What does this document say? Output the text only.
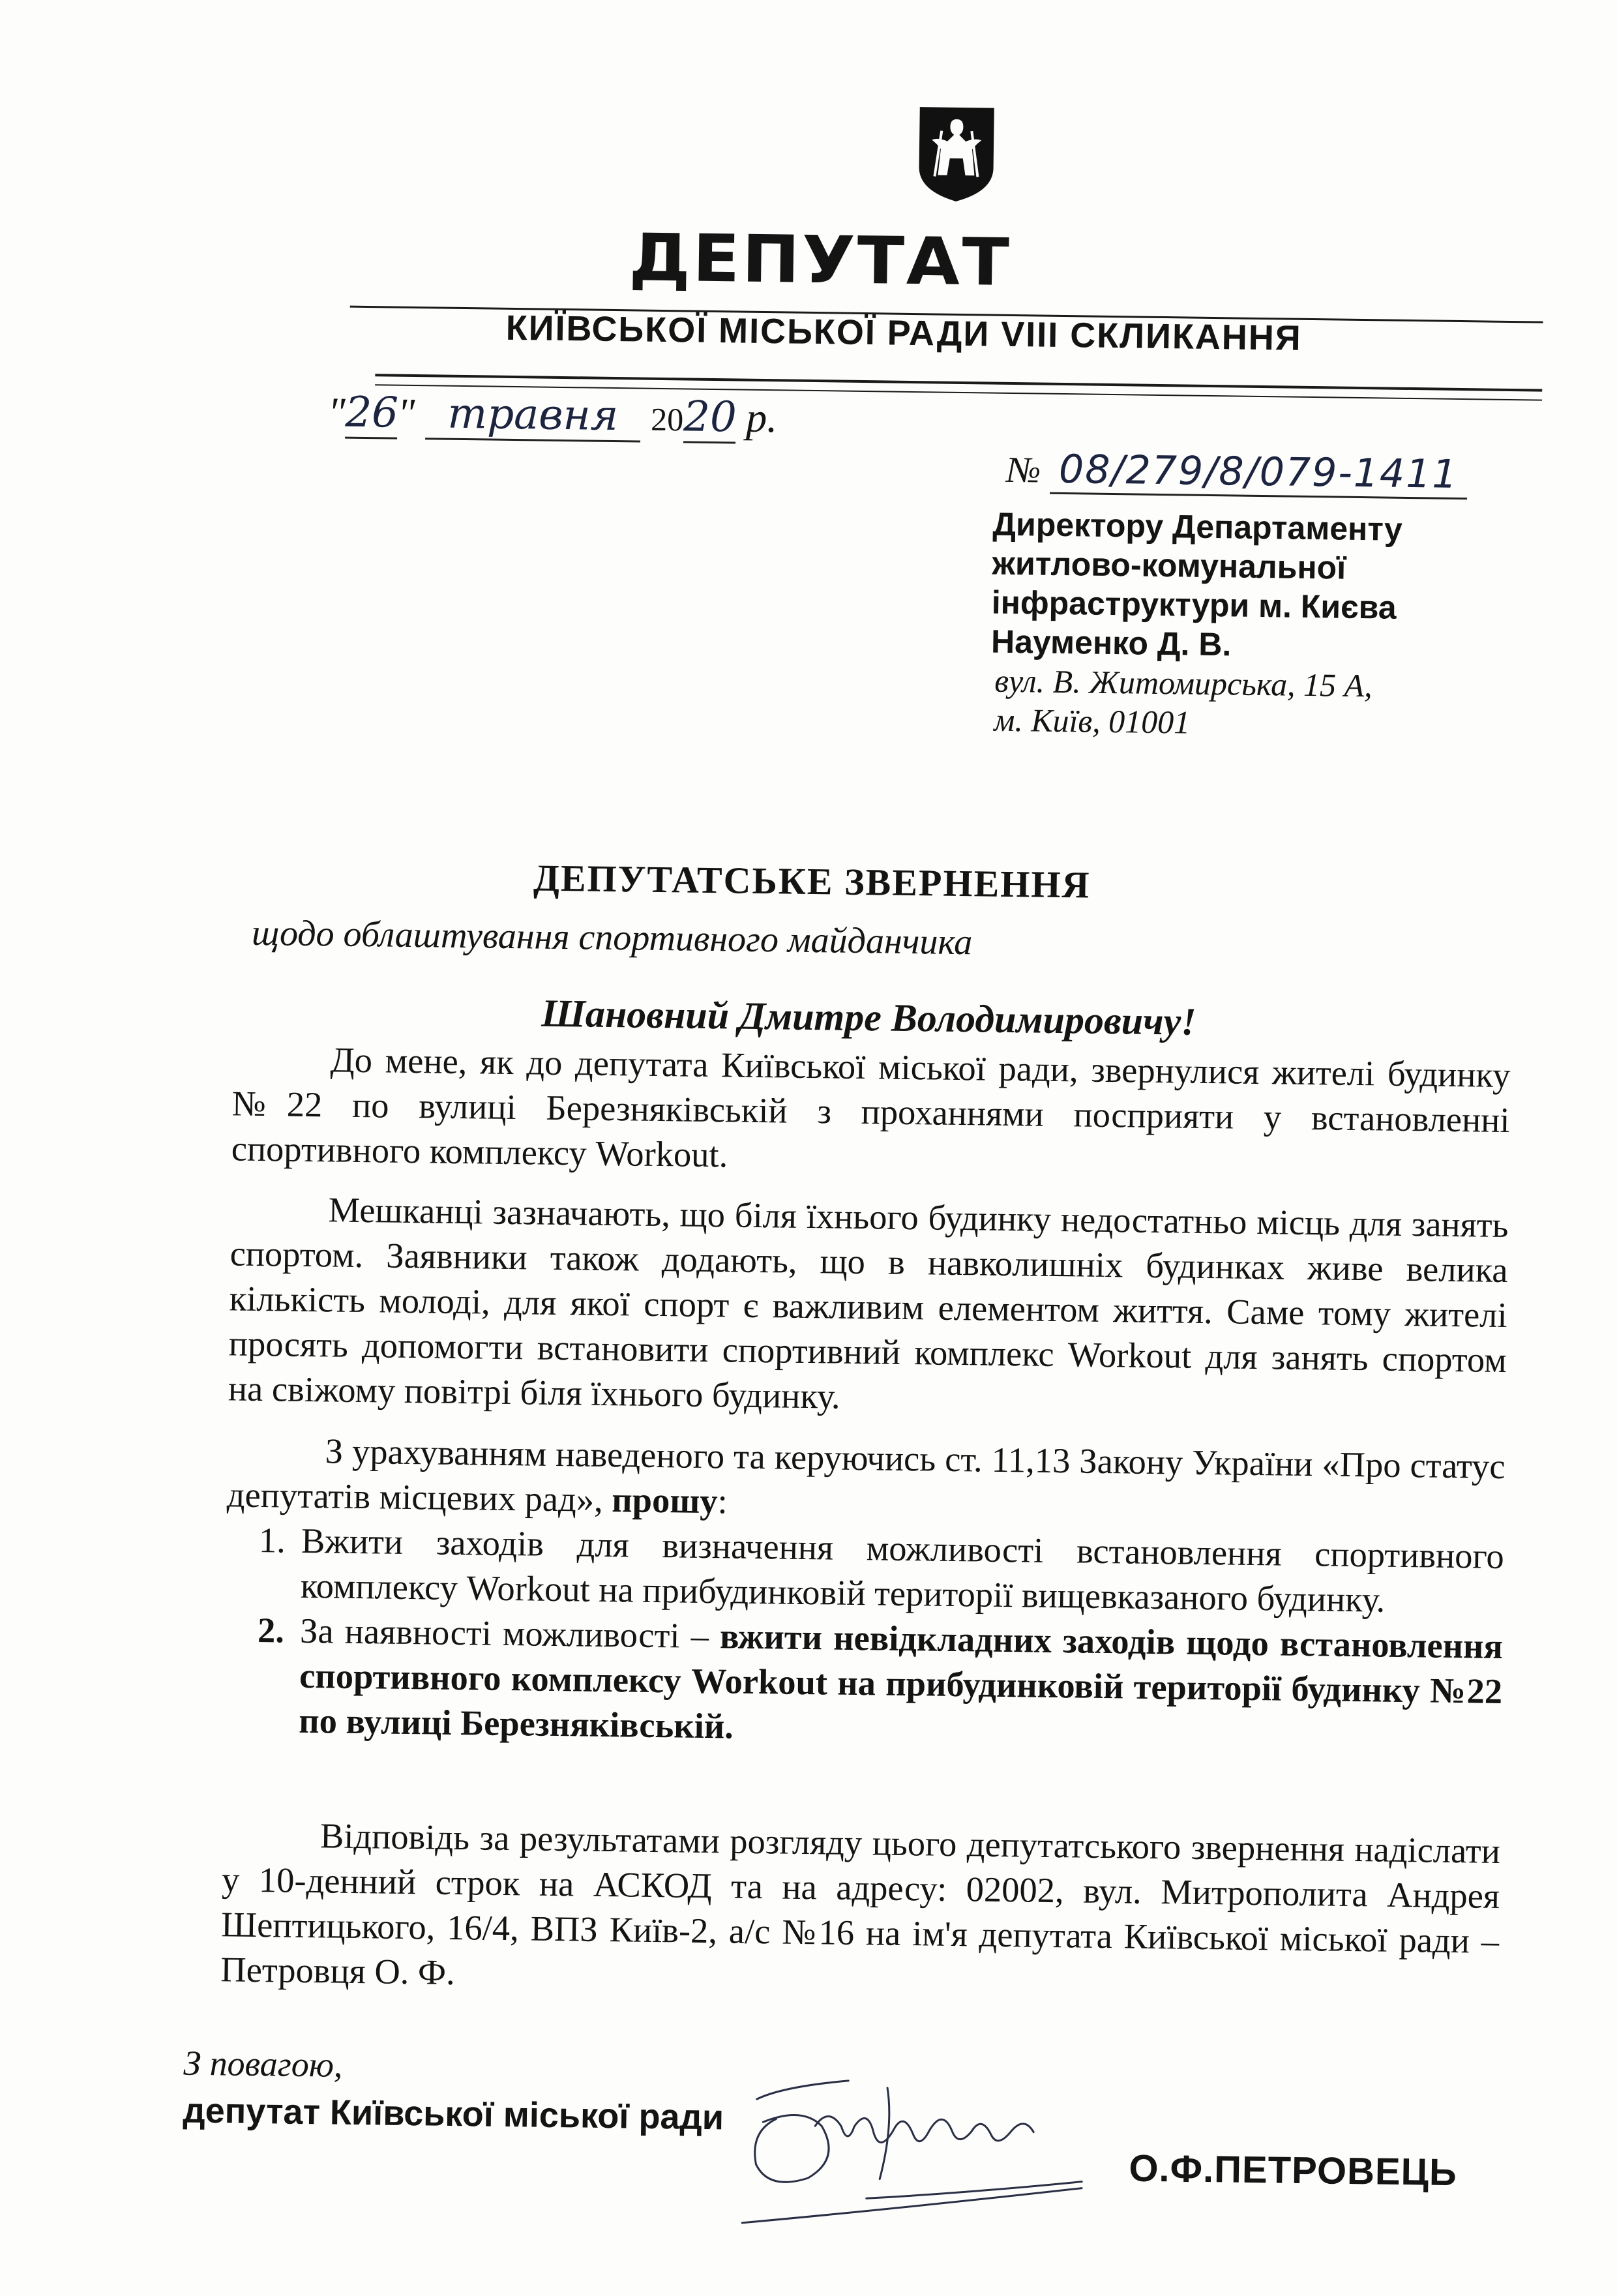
ДЕПУТАТ
КИЇВСЬКОЇ МІСЬКОЇ РАДИ VIII СКЛИКАННЯ
"26" травня 2020 р.
№ 08/279/8/079-1411
Директору Департаменту
житлово-комунальної
інфраструктури м. Києва
Науменко Д. В.
вул. В. Житомирська, 15 А,
м. Київ, 01001
ДЕПУТАТСЬКЕ ЗВЕРНЕННЯ
щодо облаштування спортивного майданчика
Шановний Дмитре Володимировичу!

До мене, як до депутата Київської міської ради, звернулися жителі будинку №22 по вулиці Березняківській з проханнями посприяти у встановленні спортивного комплексу Workout.

Мешканці зазначають, що біля їхнього будинку недостатньо місць для занять спортом. Заявники також додають, що в навколишніх будинках живе велика кількість молоді, для якої спорт є важливим елементом життя. Саме тому жителі просять допомогти встановити спортивний комплекс Workout для занять спортом на свіжому повітрі біля їхнього будинку.

З урахуванням наведеного та керуючись ст. 11,13 Закону України «Про статус депутатів місцевих рад», прошу:

1. Вжити заходів для визначення можливості встановлення спортивного комплексу Workout на прибудинковій території вищевказаного будинку.
2. За наявності можливості – вжити невідкладних заходів щодо встановлення спортивного комплексу Workout на прибудинковій території будинку №22 по вулиці Березняківській.

Відповідь за результатами розгляду цього депутатського звернення надіслати у 10-денний строк на АСКОД та на адресу: 02002, вул. Митрополита Андрея Шептицького, 16/4, ВПЗ Київ-2, а/с №16 на ім'я депутата Київської міської ради – Петровця О. Ф.

З повагою,
депутат Київської міської ради
О.Ф.ПЕТРОВЕЦЬ
